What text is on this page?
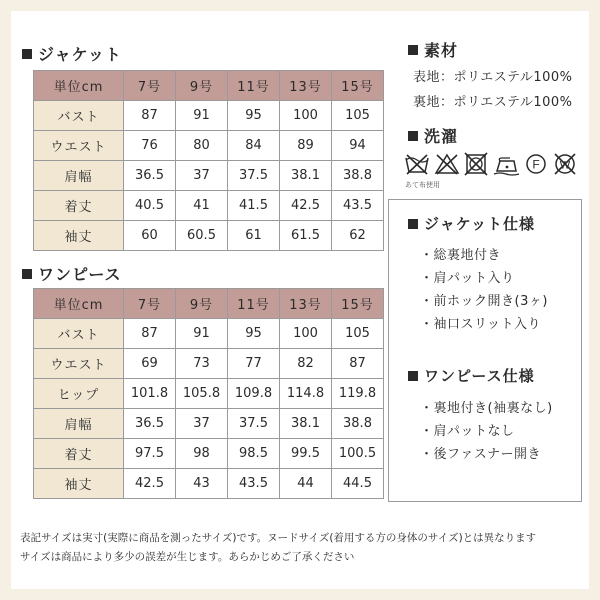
ジャケット
単位cm	7号	9号	11号	13号	15号
バスト	87	91	95	100	105
ウエスト	76	80	84	89	94
肩幅	36.5	37	37.5	38.1	38.8
着丈	40.5	41	41.5	42.5	43.5
袖丈	60	60.5	61	61.5	62
ワンピース
単位cm	7号	9号	11号	13号	15号
バスト	87	91	95	100	105
ウエスト	69	73	77	82	87
ヒップ	101.8	105.8	109.8	114.8	119.8
肩幅	36.5	37	37.5	38.1	38.8
着丈	97.5	98	98.5	99.5	100.5
袖丈	42.5	43	43.5	44	44.5
素材
表地：ポリエステル100%
裏地：ポリエステル100%
洗濯
F W
あて布使用
ジャケット仕様
・ 総裏地付き
・ 肩パット入り
・ 前ホック開き(3ヶ)
・ 袖口スリット入り
ワンピース仕様
・ 裏地付き(袖裏なし)
・ 肩パットなし
・ 後ファスナー開き
表記サイズは実寸(実際に商品を測ったサイズ)です。ヌードサイズ(着用する方の身体のサイズ)とは異なります
サイズは商品により多少の誤差が生じます。あらかじめご了承ください
